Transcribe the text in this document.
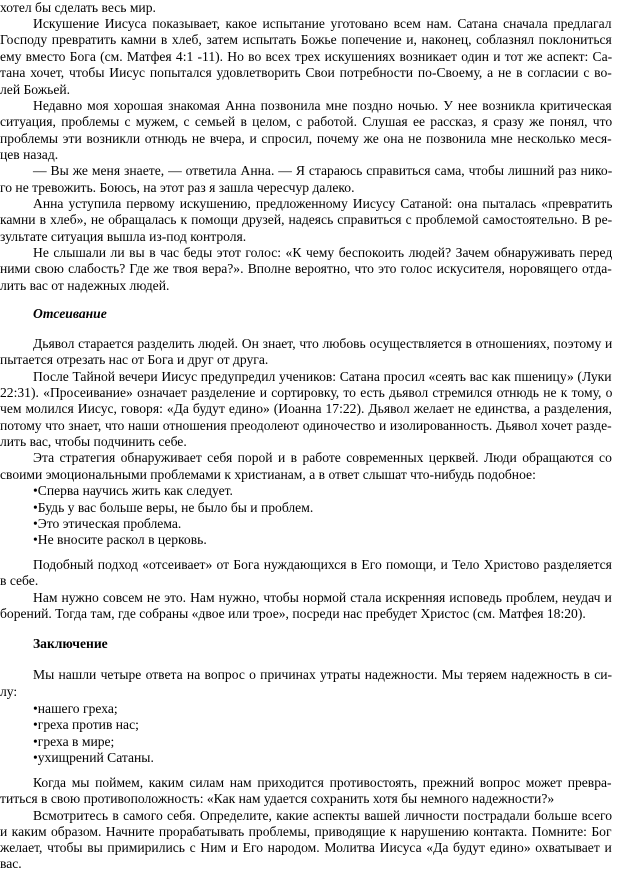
хотел бы сделать весь мир.
Искушение Иисуса показывает, какое испытание уготовано всем нам. Сатана сначала предлагал
Господу превратить камни в хлеб, затем испытать Божье попечение и, наконец, соблазнял поклониться
ему вместо Бога (см. Матфея 4:1 -11). Но во всех трех искушениях возникает один и тот же аспект: Са-
тана хочет, чтобы Иисус попытался удовлетворить Свои потребности по-Своему, а не в согласии с во-
лей Божьей.
Недавно моя хорошая знакомая Анна позвонила мне поздно ночью. У нее возникла критическая
ситуация, проблемы с мужем, с семьей в целом, с работой. Слушая ее рассказ, я сразу же понял, что
проблемы эти возникли отнюдь не вчера, и спросил, почему же она не позвонила мне несколько меся-
цев назад.
— Вы же меня знаете, — ответила Анна. — Я стараюсь справиться сама, чтобы лишний раз нико-
го не тревожить. Боюсь, на этот раз я зашла чересчур далеко.
Анна уступила первому искушению, предложенному Иисусу Сатаной: она пыталась «превратить
камни в хлеб», не обращалась к помощи друзей, надеясь справиться с проблемой самостоятельно. В ре-
зультате ситуация вышла из-под контроля.
Не слышали ли вы в час беды этот голос: «К чему беспокоить людей? Зачем обнаруживать перед
ними свою слабость? Где же твоя вера?». Вполне вероятно, что это голос искусителя, норовящего отда-
лить вас от надежных людей.
Отсеивание
Дьявол старается разделить людей. Он знает, что любовь осуществляется в отношениях, поэтому и
пытается отрезать нас от Бога и друг от друга.
После Тайной вечери Иисус предупредил учеников: Сатана просил «сеять вас как пшеницу» (Луки
22:31). «Просеивание» означает разделение и сортировку, то есть дьявол стремился отнюдь не к тому, о
чем молился Иисус, говоря: «Да будут едино» (Иоанна 17:22). Дьявол желает не единства, а разделения,
потому что знает, что наши отношения преодолеют одиночество и изолированность. Дьявол хочет разде-
лить вас, чтобы подчинить себе.
Эта стратегия обнаруживает себя порой и в работе современных церквей. Люди обращаются со
своими эмоциональными проблемами к христианам, а в ответ слышат что-нибудь подобное:
•Сперва научись жить как следует.
•Будь у вас больше веры, не было бы и проблем.
•Это этическая проблема.
•Не вносите раскол в церковь.
Подобный подход «отсеивает» от Бога нуждающихся в Его помощи, и Тело Христово разделяется
в себе.
Нам нужно совсем не это. Нам нужно, чтобы нормой стала искренняя исповедь проблем, неудач и
борений. Тогда там, где собраны «двое или трое», посреди нас пребудет Христос (см. Матфея 18:20).
Заключение
Мы нашли четыре ответа на вопрос о причинах утраты надежности. Мы теряем надежность в си-
лу:
•нашего греха;
•греха против нас;
•греха в мире;
•ухищрений Сатаны.
Когда мы поймем, каким силам нам приходится противостоять, прежний вопрос может превра-
титься в свою противоположность: «Как нам удается сохранить хотя бы немного надежности?»
Всмотритесь в самого себя. Определите, какие аспекты вашей личности пострадали больше всего
и каким образом. Начните прорабатывать проблемы, приводящие к нарушению контакта. Помните: Бог
желает, чтобы вы примирились с Ним и Его народом. Молитва Иисуса «Да будут едино» охватывает и
вас.
